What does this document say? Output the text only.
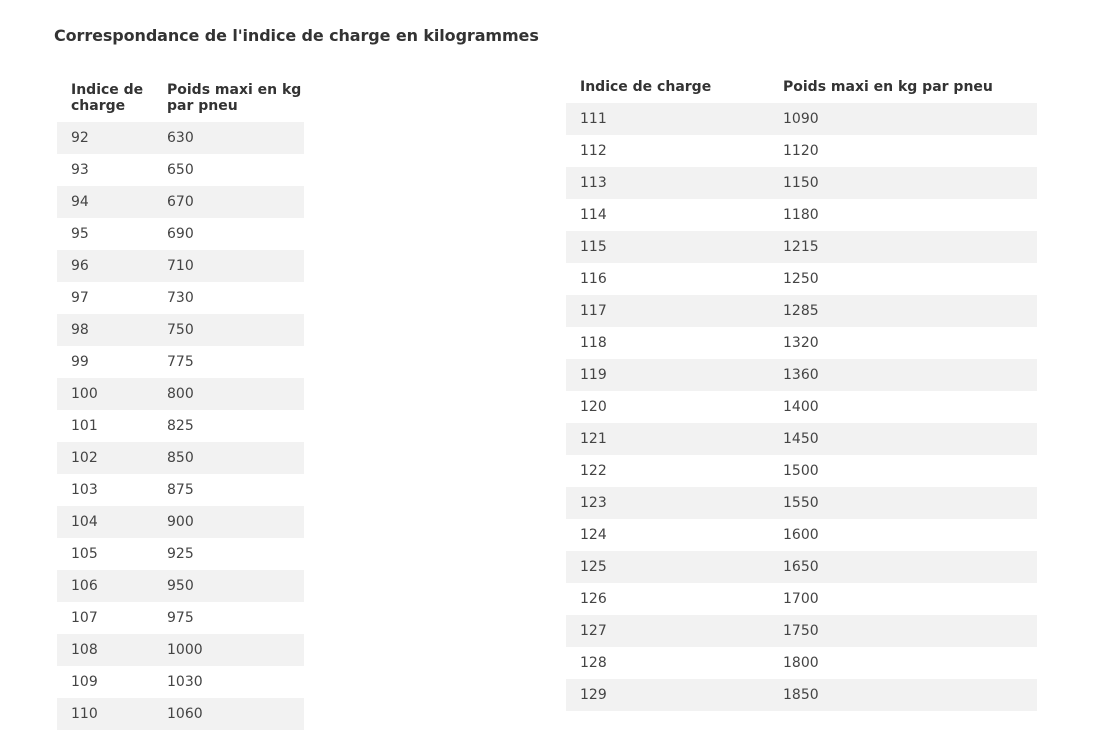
Correspondance de l'indice de charge en kilogrammes
Indice de charge	Poids maxi en kg par pneu
92	630
93	650
94	670
95	690
96	710
97	730
98	750
99	775
100	800
101	825
102	850
103	875
104	900
105	925
106	950
107	975
108	1000
109	1030
110	1060
Indice de charge	Poids maxi en kg par pneu
111	1090
112	1120
113	1150
114	1180
115	1215
116	1250
117	1285
118	1320
119	1360
120	1400
121	1450
122	1500
123	1550
124	1600
125	1650
126	1700
127	1750
128	1800
129	1850
